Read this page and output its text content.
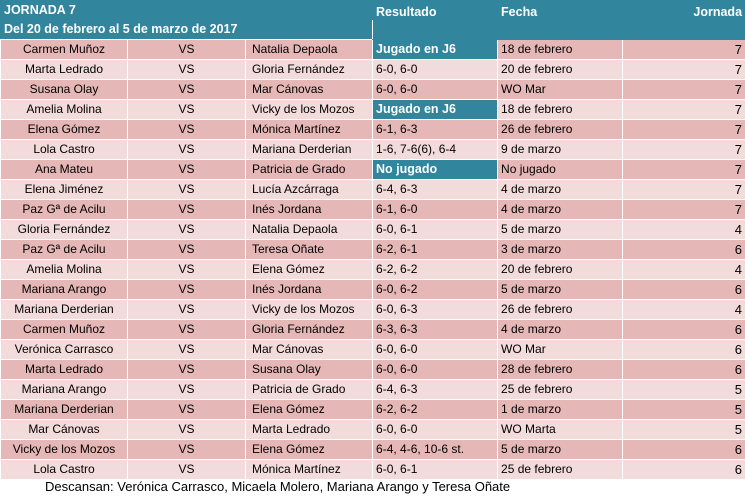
JORNADA 7			Resultado	Fecha	Jornada
Del 20 de febrero al 5 de marzo de 2017					
Carmen Muñoz	VS	Natalia Depaola	Jugado en J6	18 de febrero	7
Marta Ledrado	VS	Gloria Fernández	6-0, 6-0	20 de febrero	7
Susana Olay	VS	Mar Cánovas	6-0, 6-0	WO Mar	7
Amelia Molina	VS	Vicky de los Mozos	Jugado en J6	18 de febrero	7
Elena Gómez	VS	Mónica Martínez	6-1, 6-3	26 de febrero	7
Lola Castro	VS	Mariana Derderian	1-6, 7-6(6), 6-4	9 de marzo	7
Ana Mateu	VS	Patricia de Grado	No jugado	No jugado	7
Elena Jiménez	VS	Lucía Azcárraga	6-4, 6-3	4 de marzo	7
Paz Gª de Acilu	VS	Inés Jordana	6-1, 6-0	4 de marzo	7
Gloria Fernández	VS	Natalia Depaola	6-0, 6-1	5 de marzo	4
Paz Gª de Acilu	VS	Teresa Oñate	6-2, 6-1	3 de marzo	6
Amelia Molina	VS	Elena Gómez	6-2, 6-2	20 de febrero	4
Mariana Arango	VS	Inés Jordana	6-0, 6-2	5 de marzo	6
Mariana Derderian	VS	Vicky de los Mozos	6-0, 6-3	26 de febrero	4
Carmen Muñoz	VS	Gloria Fernández	6-3, 6-3	4 de marzo	6
Verónica Carrasco	VS	Mar Cánovas	6-0, 6-0	WO Mar	6
Marta Ledrado	VS	Susana Olay	6-0, 6-0	28 de febrero	6
Mariana Arango	VS	Patricia de Grado	6-4, 6-3	25 de febrero	5
Mariana Derderian	VS	Elena Gómez	6-2, 6-2	1 de marzo	5
Mar Cánovas	VS	Marta Ledrado	6-0, 6-0	WO Marta	5
Vicky de los Mozos	VS	Elena Gómez	6-4, 4-6, 10-6 st.	5 de marzo	6
Lola Castro	VS	Mónica Martínez	6-0, 6-1	25 de febrero	6
Descansan: Verónica Carrasco, Micaela Molero, Mariana Arango y Teresa Oñate
